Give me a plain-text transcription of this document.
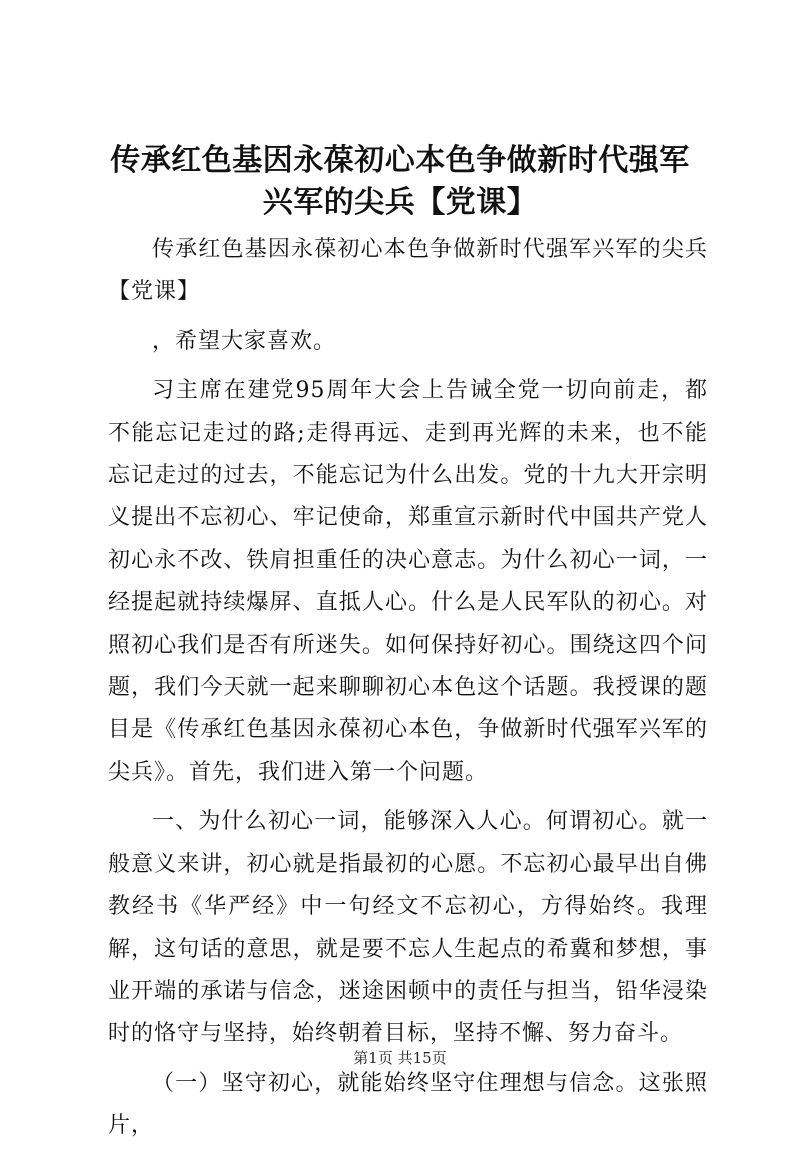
传承红色基因永葆初心本色争做新时代强军兴军的尖兵【党课】

传承红色基因永葆初心本色争做新时代强军兴军的尖兵【党课】

，希望大家喜欢。

习主席在建党95周年大会上告诫全党一切向前走，都不能忘记走过的路;走得再远、走到再光辉的未来，也不能忘记走过的过去，不能忘记为什么出发。党的十九大开宗明义提出不忘初心、牢记使命，郑重宣示新时代中国共产党人初心永不改、铁肩担重任的决心意志。为什么初心一词，一经提起就持续爆屏、直抵人心。什么是人民军队的初心。对照初心我们是否有所迷失。如何保持好初心。围绕这四个问题，我们今天就一起来聊聊初心本色这个话题。我授课的题目是《传承红色基因永葆初心本色，争做新时代强军兴军的尖兵》。首先，我们进入第一个问题。

一、为什么初心一词，能够深入人心。何谓初心。就一般意义来讲，初心就是指最初的心愿。不忘初心最早出自佛教经书《华严经》中一句经文不忘初心，方得始终。我理解，这句话的意思，就是要不忘人生起点的希冀和梦想，事业开端的承诺与信念，迷途困顿中的责任与担当，铅华浸染时的恪守与坚持，始终朝着目标，坚持不懈、努力奋斗。

（一）坚守初心，就能始终坚守住理想与信念。这张照片，

第1页 共15页
